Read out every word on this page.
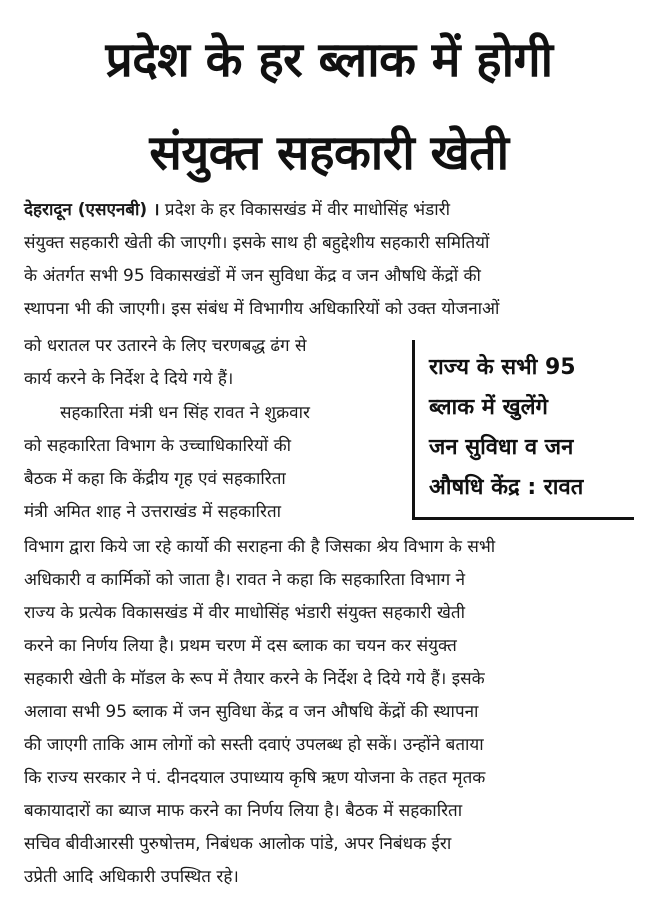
प्रदेश के हर ब्लाक में होगी
संयुक्त सहकारी खेती
देहरादून (एसएनबी) । प्रदेश के हर विकासखंड में वीर माधोसिंह भंडारी
संयुक्त सहकारी खेती की जाएगी। इसके साथ ही बहुद्देशीय सहकारी समितियों
के अंतर्गत सभी 95 विकासखंडों में जन सुविधा केंद्र व जन औषधि केंद्रों की
स्थापना भी की जाएगी। इस संबंध में विभागीय अधिकारियों को उक्त योजनाओं
को धरातल पर उतारने के लिए चरणबद्ध ढंग से
कार्य करने के निर्देश दे दिये गये हैं।
सहकारिता मंत्री धन सिंह रावत ने शुक्रवार
को सहकारिता विभाग के उच्चाधिकारियों की
बैठक में कहा कि केंद्रीय गृह एवं सहकारिता
मंत्री अमित शाह ने उत्तराखंड में सहकारिता
विभाग द्वारा किये जा रहे कार्यो की सराहना की है जिसका श्रेय विभाग के सभी
अधिकारी व कार्मिकों को जाता है। रावत ने कहा कि सहकारिता विभाग ने
राज्य के प्रत्येक विकासखंड में वीर माधोसिंह भंडारी संयुक्त सहकारी खेती
करने का निर्णय लिया है। प्रथम चरण में दस ब्लाक का चयन कर संयुक्त
सहकारी खेती के मॉडल के रूप में तैयार करने के निर्देश दे दिये गये हैं। इसके
अलावा सभी 95 ब्लाक में जन सुविधा केंद्र व जन औषधि केंद्रों की स्थापना
की जाएगी ताकि आम लोगों को सस्ती दवाएं उपलब्ध हो सकें। उन्होंने बताया
कि राज्य सरकार ने पं. दीनदयाल उपाध्याय कृषि ऋण योजना के तहत मृतक
बकायादारों का ब्याज माफ करने का निर्णय लिया है। बैठक में सहकारिता
सचिव बीवीआरसी पुरुषोत्तम, निबंधक आलोक पांडे, अपर निबंधक ईरा
उप्रेती आदि अधिकारी उपस्थित रहे।
राज्य के सभी 95
ब्लाक में खुलेंगे
जन सुविधा व जन
औषधि केंद्र : रावत
